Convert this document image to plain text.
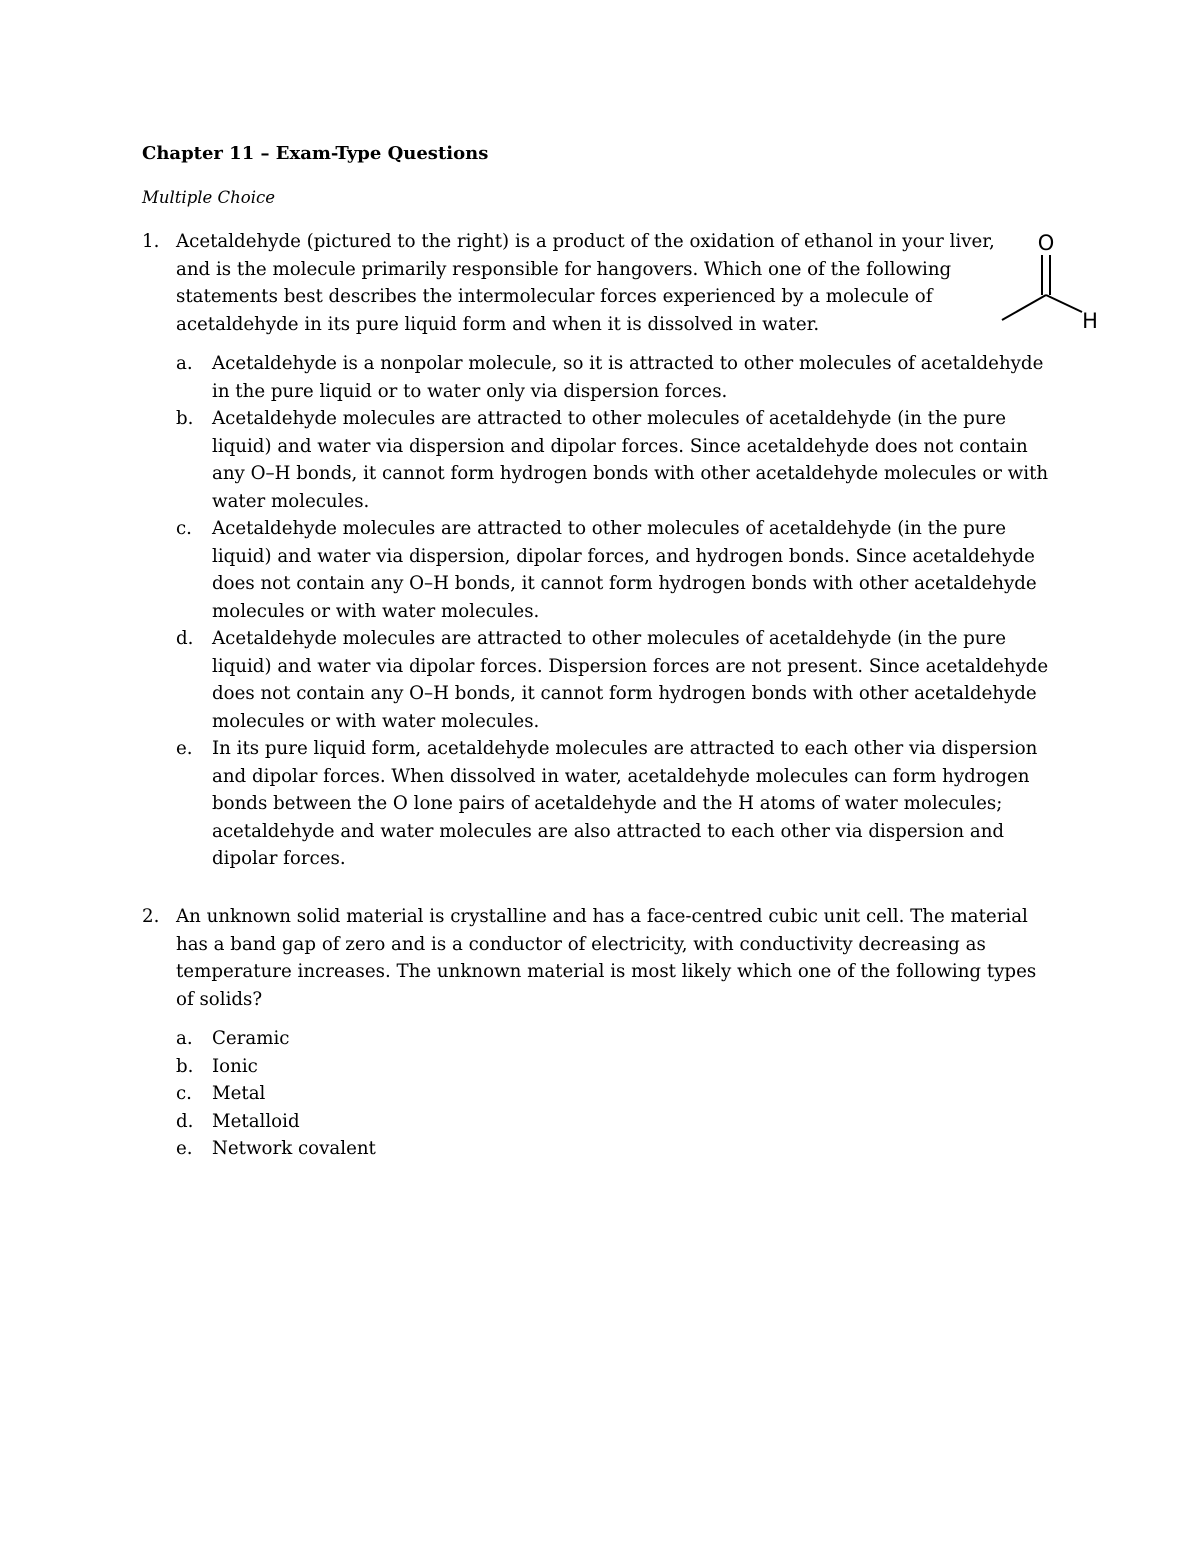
Chapter 11 – Exam-Type Questions
Multiple Choice
1. Acetaldehyde (pictured to the right) is a product of the oxidation of ethanol in your liver, and is the molecule primarily responsible for hangovers. Which one of the following statements best describes the intermolecular forces experienced by a molecule of acetaldehyde in its pure liquid form and when it is dissolved in water.
a.	Acetaldehyde is a nonpolar molecule, so it is attracted to other molecules of acetaldehyde in the pure liquid or to water only via dispersion forces.
b.	Acetaldehyde molecules are attracted to other molecules of acetaldehyde (in the pure liquid) and water via dispersion and dipolar forces. Since acetaldehyde does not contain any O–H bonds, it cannot form hydrogen bonds with other acetaldehyde molecules or with water molecules.
c.	Acetaldehyde molecules are attracted to other molecules of acetaldehyde (in the pure liquid) and water via dispersion, dipolar forces, and hydrogen bonds. Since acetaldehyde does not contain any O–H bonds, it cannot form hydrogen bonds with other acetaldehyde molecules or with water molecules.
d.	Acetaldehyde molecules are attracted to other molecules of acetaldehyde (in the pure liquid) and water via dipolar forces. Dispersion forces are not present. Since acetaldehyde does not contain any O–H bonds, it cannot form hydrogen bonds with other acetaldehyde molecules or with water molecules.
e.	In its pure liquid form, acetaldehyde molecules are attracted to each other via dispersion and dipolar forces. When dissolved in water, acetaldehyde molecules can form hydrogen bonds between the O lone pairs of acetaldehyde and the H atoms of water molecules; acetaldehyde and water molecules are also attracted to each other via dispersion and dipolar forces.
O
H
2. An unknown solid material is crystalline and has a face-centred cubic unit cell. The material has a band gap of zero and is a conductor of electricity, with conductivity decreasing as temperature increases. The unknown material is most likely which one of the following types of solids?
a.	Ceramic
b.	Ionic
c.	Metal
d.	Metalloid
e.	Network covalent
